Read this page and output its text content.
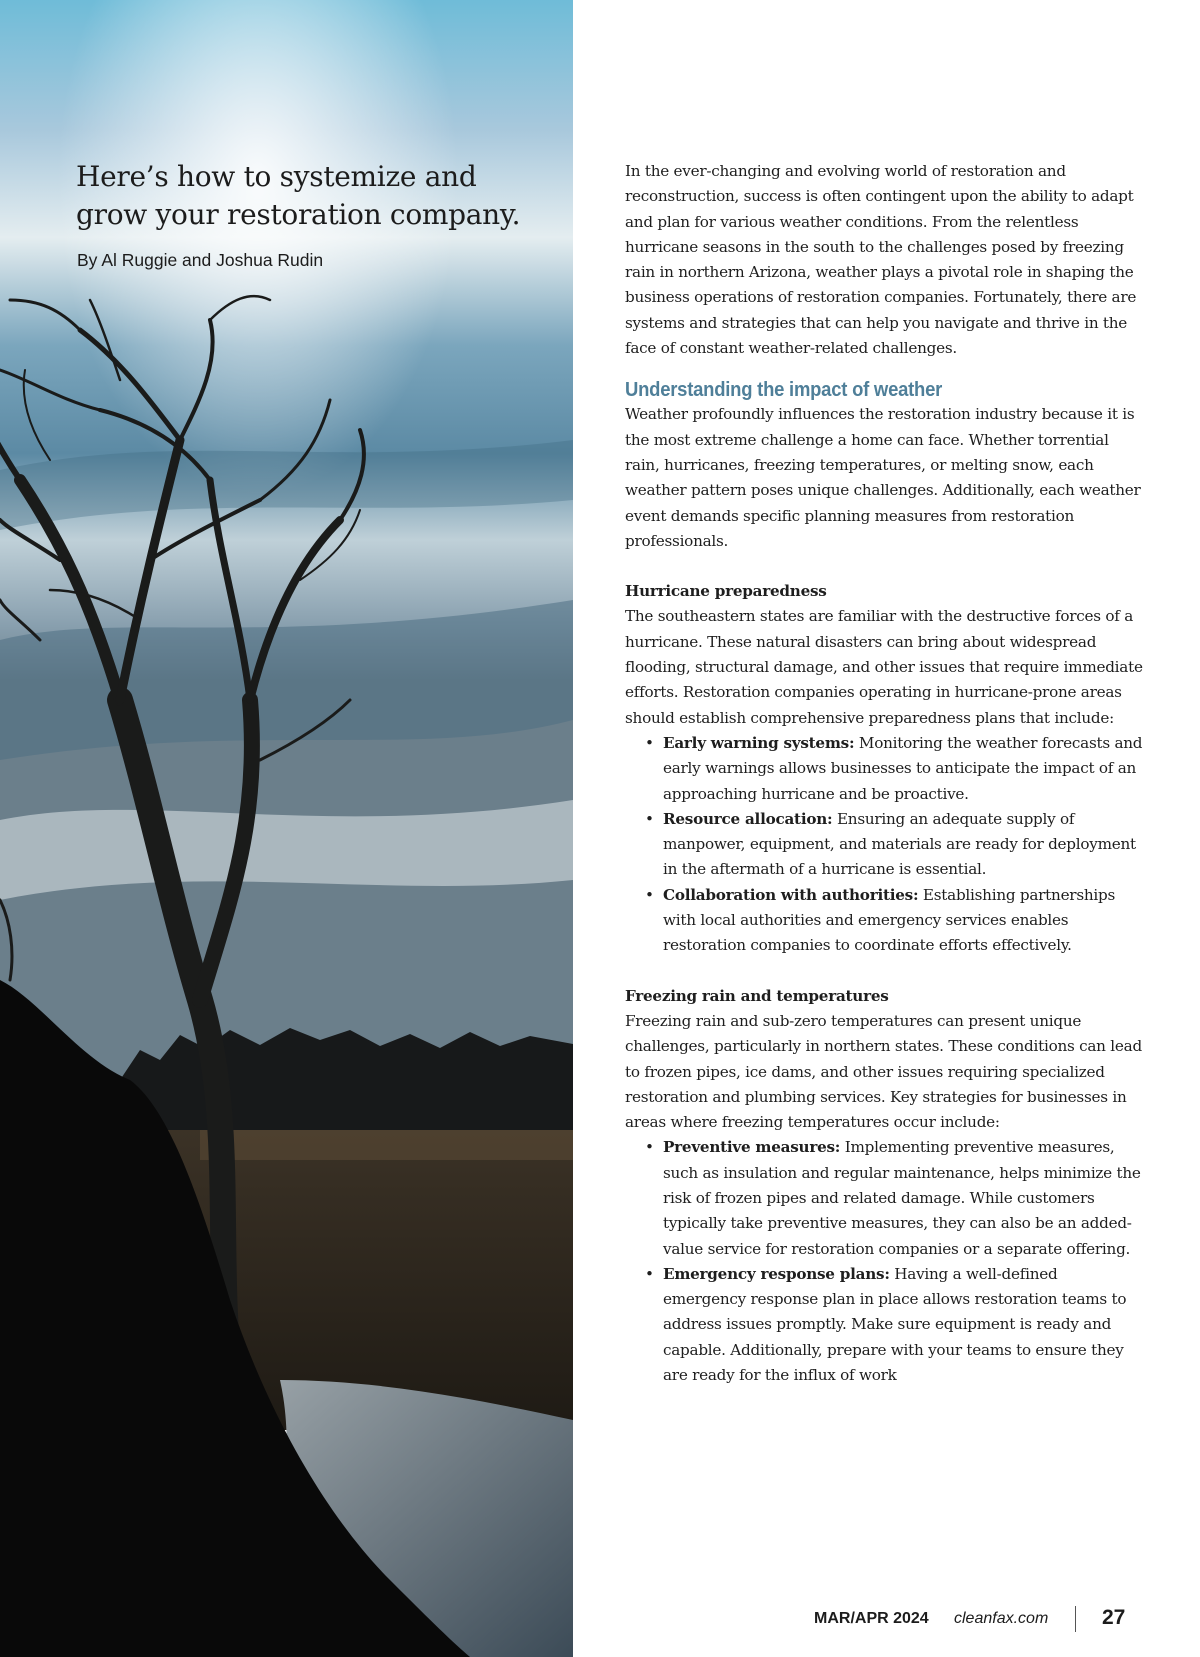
Here’s how to systemize and grow your restoration company.

By Al Ruggie and Joshua Rudin

In the ever-changing and evolving world of restoration and reconstruction, success is often contingent upon the ability to adapt and plan for various weather conditions. From the relentless hurricane seasons in the south to the challenges posed by freezing rain in northern Arizona, weather plays a pivotal role in shaping the business operations of restoration companies. Fortunately, there are systems and strategies that can help you navigate and thrive in the face of constant weather-related challenges.

Understanding the impact of weather

Weather profoundly influences the restoration industry because it is the most extreme challenge a home can face. Whether torrential rain, hurricanes, freezing temperatures, or melting snow, each weather pattern poses unique challenges. Additionally, each weather event demands specific planning measures from restoration professionals.

Hurricane preparedness

The southeastern states are familiar with the destructive forces of a hurricane. These natural disasters can bring about widespread flooding, structural damage, and other issues that require immediate efforts. Restoration companies operating in hurricane-prone areas should establish comprehensive preparedness plans that include:

• Early warning systems: Monitoring the weather forecasts and early warnings allows businesses to anticipate the impact of an approaching hurricane and be proactive.
• Resource allocation: Ensuring an adequate supply of manpower, equipment, and materials are ready for deployment in the aftermath of a hurricane is essential.
• Collaboration with authorities: Establishing partnerships with local authorities and emergency services enables restoration companies to coordinate efforts effectively.
Freezing rain and temperatures

Freezing rain and sub-zero temperatures can present unique challenges, particularly in northern states. These conditions can lead to frozen pipes, ice dams, and other issues requiring specialized restoration and plumbing services. Key strategies for businesses in areas where freezing temperatures occur include:

• Preventive measures: Implementing preventive measures, such as insulation and regular maintenance, helps minimize the risk of frozen pipes and related damage. While customers typically take preventive measures, they can also be an added-value service for restoration companies or a separate offering.
• Emergency response plans: Having a well-defined emergency response plan in place allows restoration teams to address issues promptly. Make sure equipment is ready and capable. Additionally, prepare with your teams to ensure they are ready for the influx of work
MAR/APR 2024 cleanfax.com	27
